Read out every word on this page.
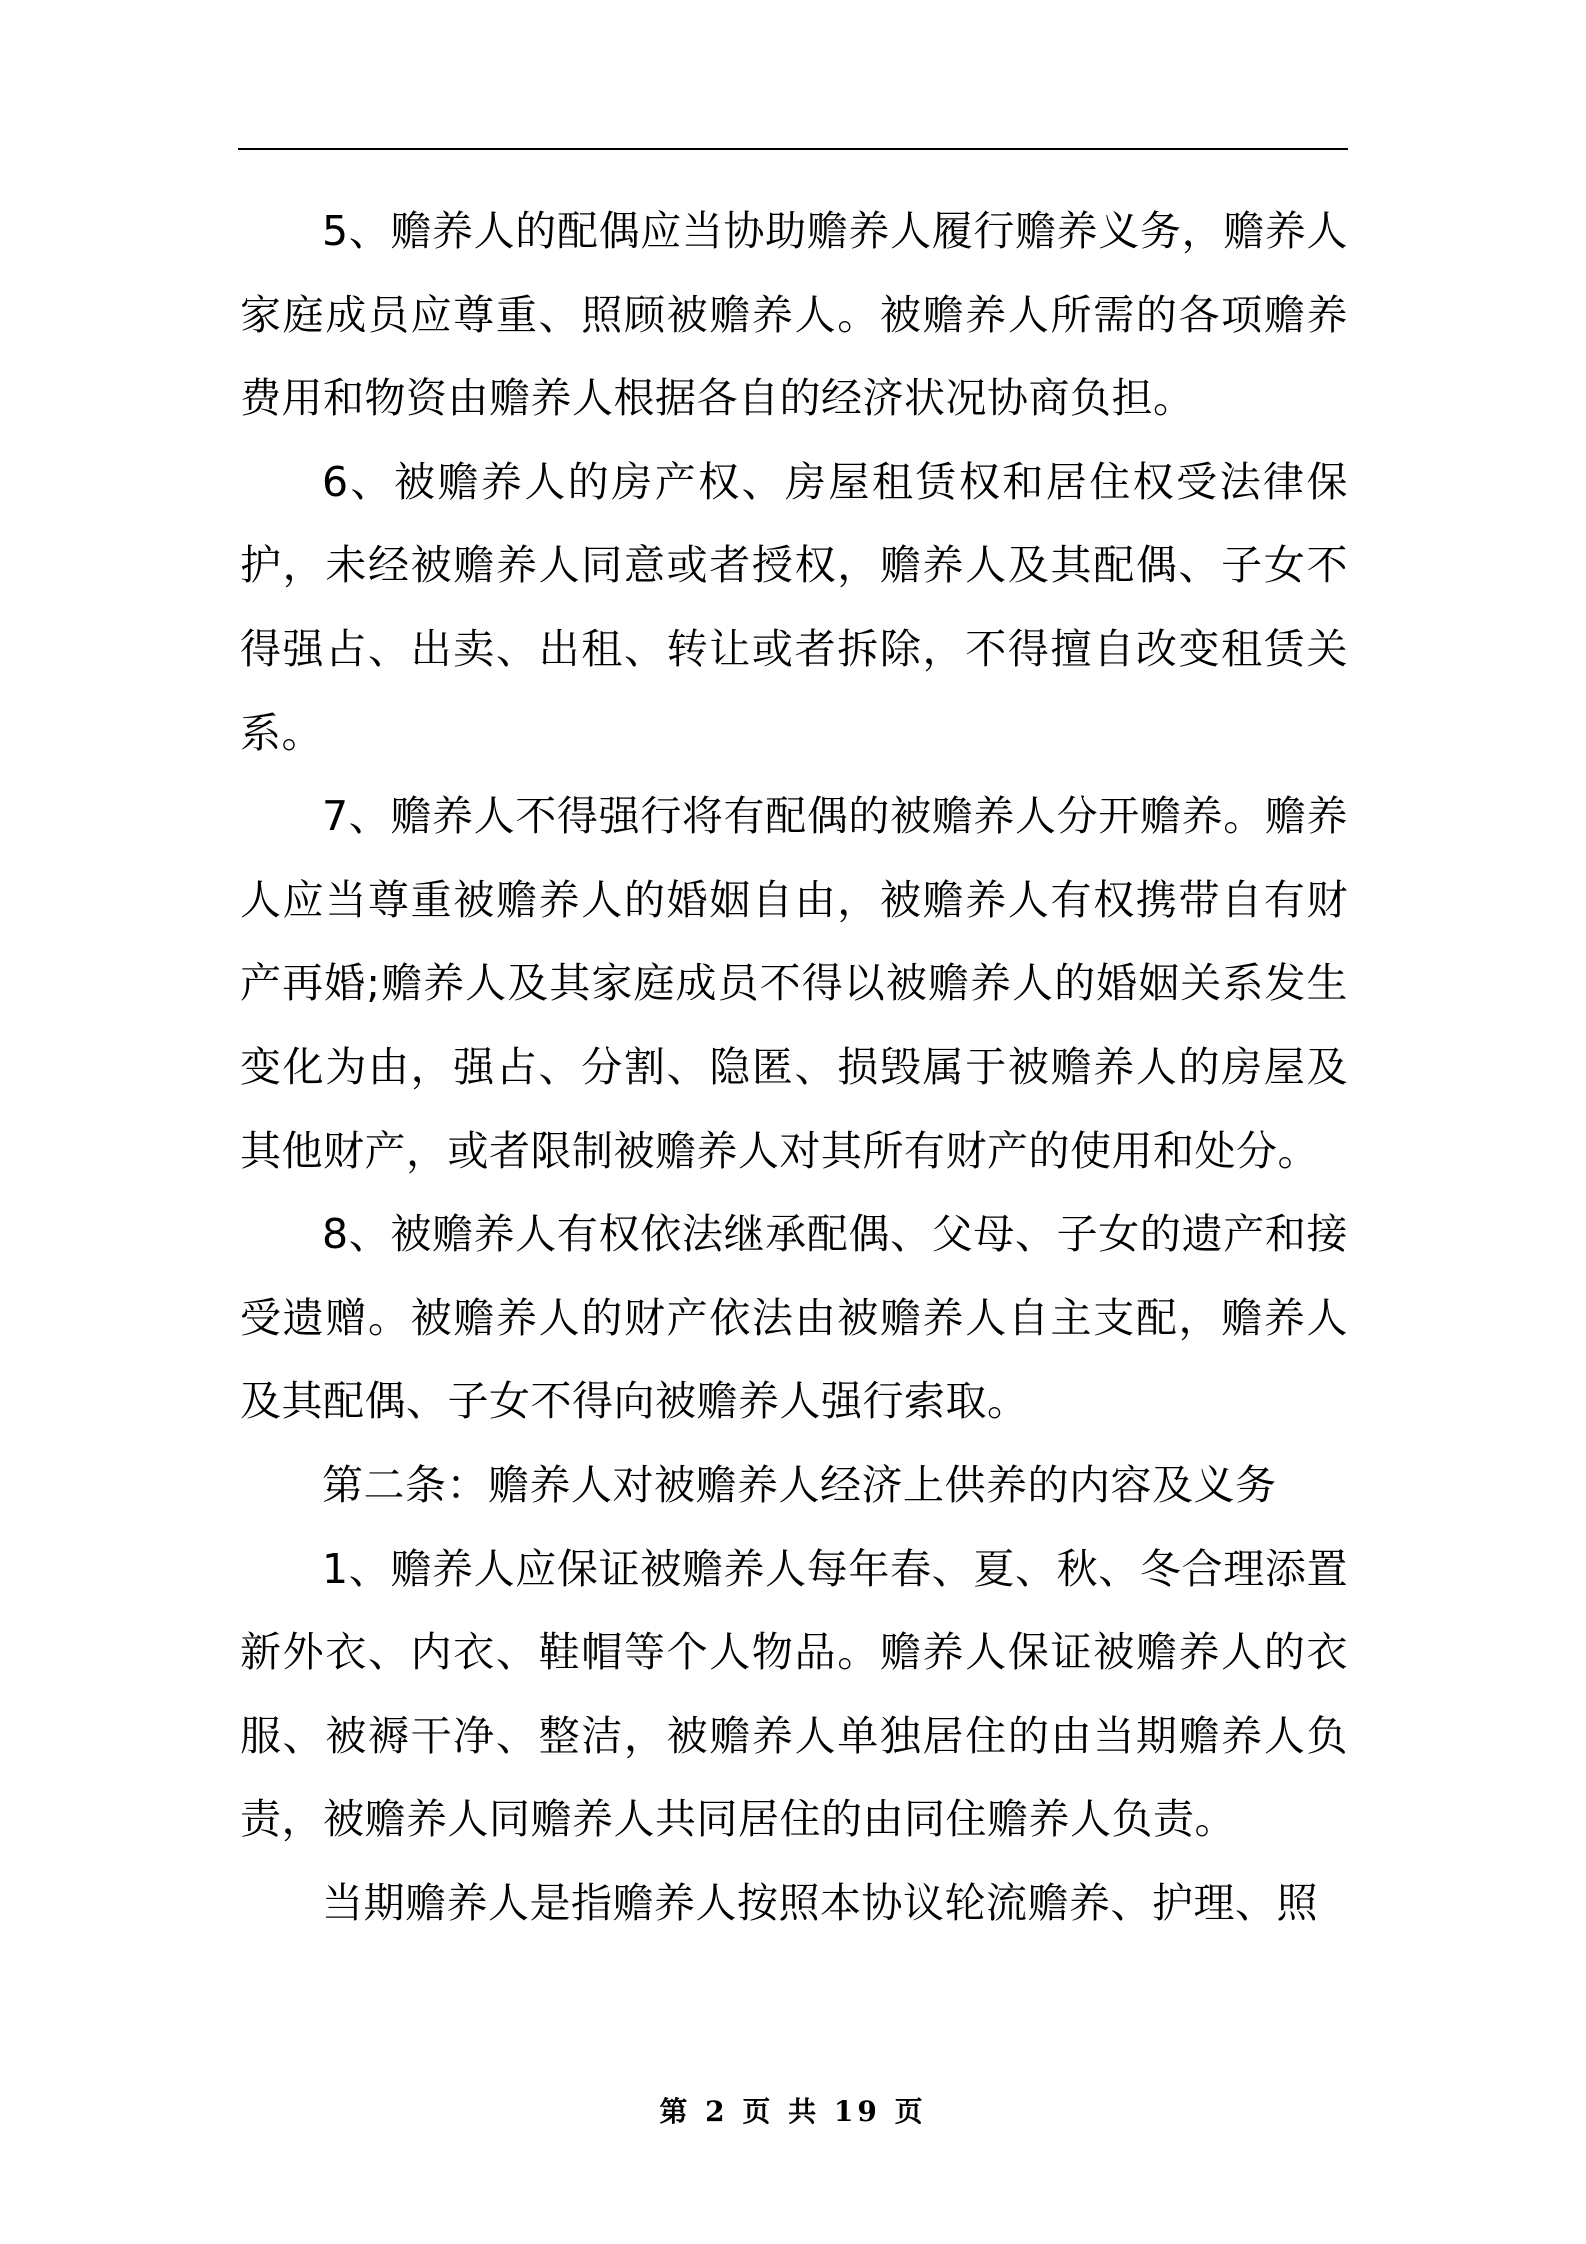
5、赡养人的配偶应当协助赡养人履行赡养义务，赡养人家庭成员应尊重、照顾被赡养人。被赡养人所需的各项赡养费用和物资由赡养人根据各自的经济状况协商负担。

6、被赡养人的房产权、房屋租赁权和居住权受法律保护，未经被赡养人同意或者授权，赡养人及其配偶、子女不得强占、出卖、出租、转让或者拆除，不得擅自改变租赁关系。

7、赡养人不得强行将有配偶的被赡养人分开赡养。赡养人应当尊重被赡养人的婚姻自由，被赡养人有权携带自有财产再婚;赡养人及其家庭成员不得以被赡养人的婚姻关系发生变化为由，强占、分割、隐匿、损毁属于被赡养人的房屋及其他财产，或者限制被赡养人对其所有财产的使用和处分。

8、被赡养人有权依法继承配偶、父母、子女的遗产和接受遗赠。被赡养人的财产依法由被赡养人自主支配，赡养人及其配偶、子女不得向被赡养人强行索取。

第二条：赡养人对被赡养人经济上供养的内容及义务

1、赡养人应保证被赡养人每年春、夏、秋、冬合理添置新外衣、内衣、鞋帽等个人物品。赡养人保证被赡养人的衣服、被褥干净、整洁，被赡养人单独居住的由当期赡养人负责，被赡养人同赡养人共同居住的由同住赡养人负责。

当期赡养人是指赡养人按照本协议轮流赡养、护理、照

第 2 页 共 19 页
